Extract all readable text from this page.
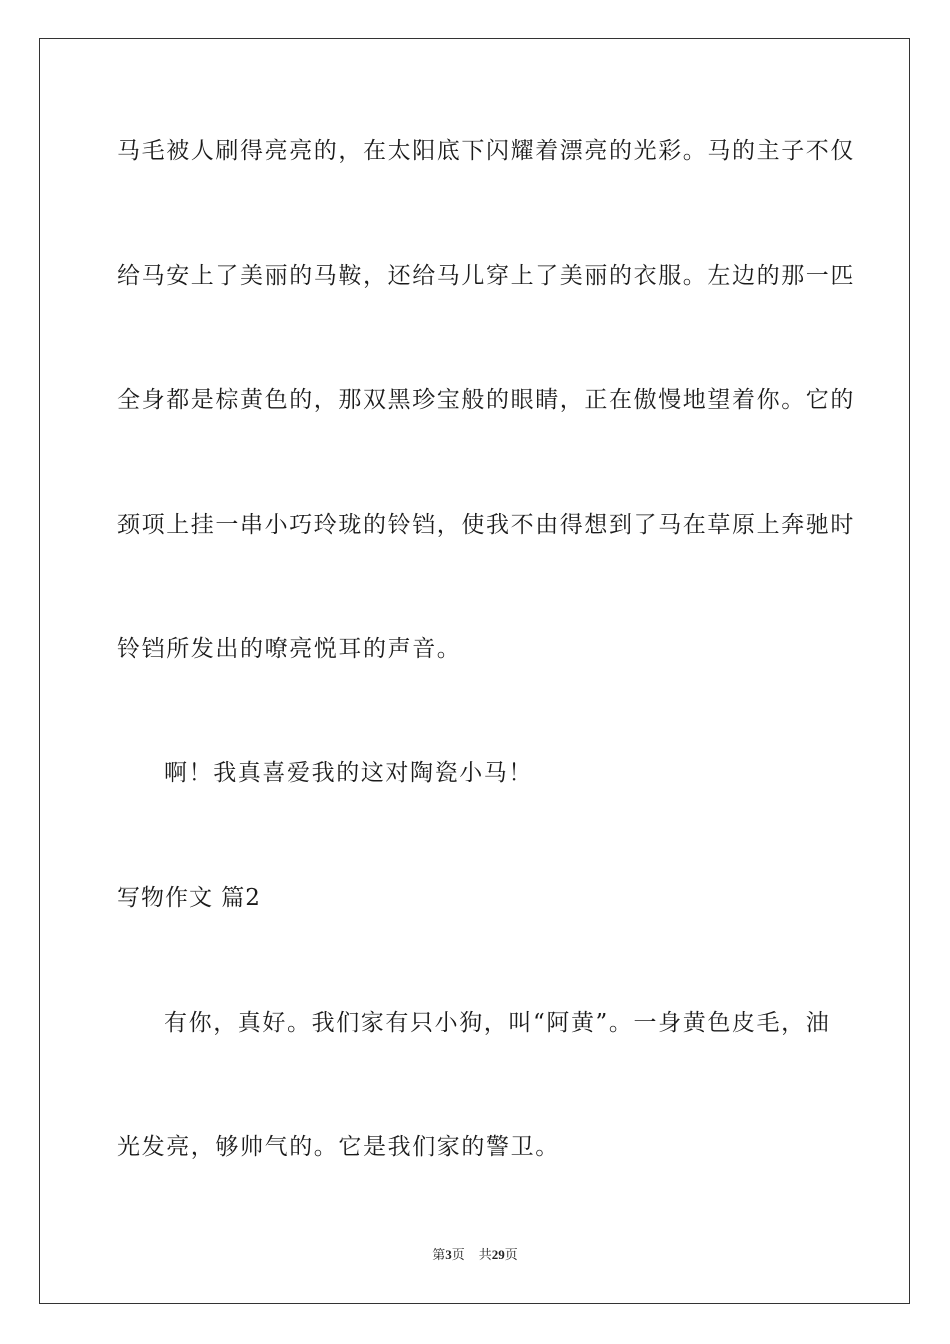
马毛被人刷得亮亮的，在太阳底下闪耀着漂亮的光彩。马的主子不仅
给马安上了美丽的马鞍，还给马儿穿上了美丽的衣服。左边的那一匹
全身都是棕黄色的，那双黑珍宝般的眼睛，正在傲慢地望着你。它的
颈项上挂一串小巧玲珑的铃铛，使我不由得想到了马在草原上奔驰时
铃铛所发出的嘹亮悦耳的声音。
啊！我真喜爱我的这对陶瓷小马！
写物作文 篇2
有你，真好。我们家有只小狗，叫“阿黄”。一身黄色皮毛，油
光发亮，够帅气的。它是我们家的警卫。
第3页 共29页
